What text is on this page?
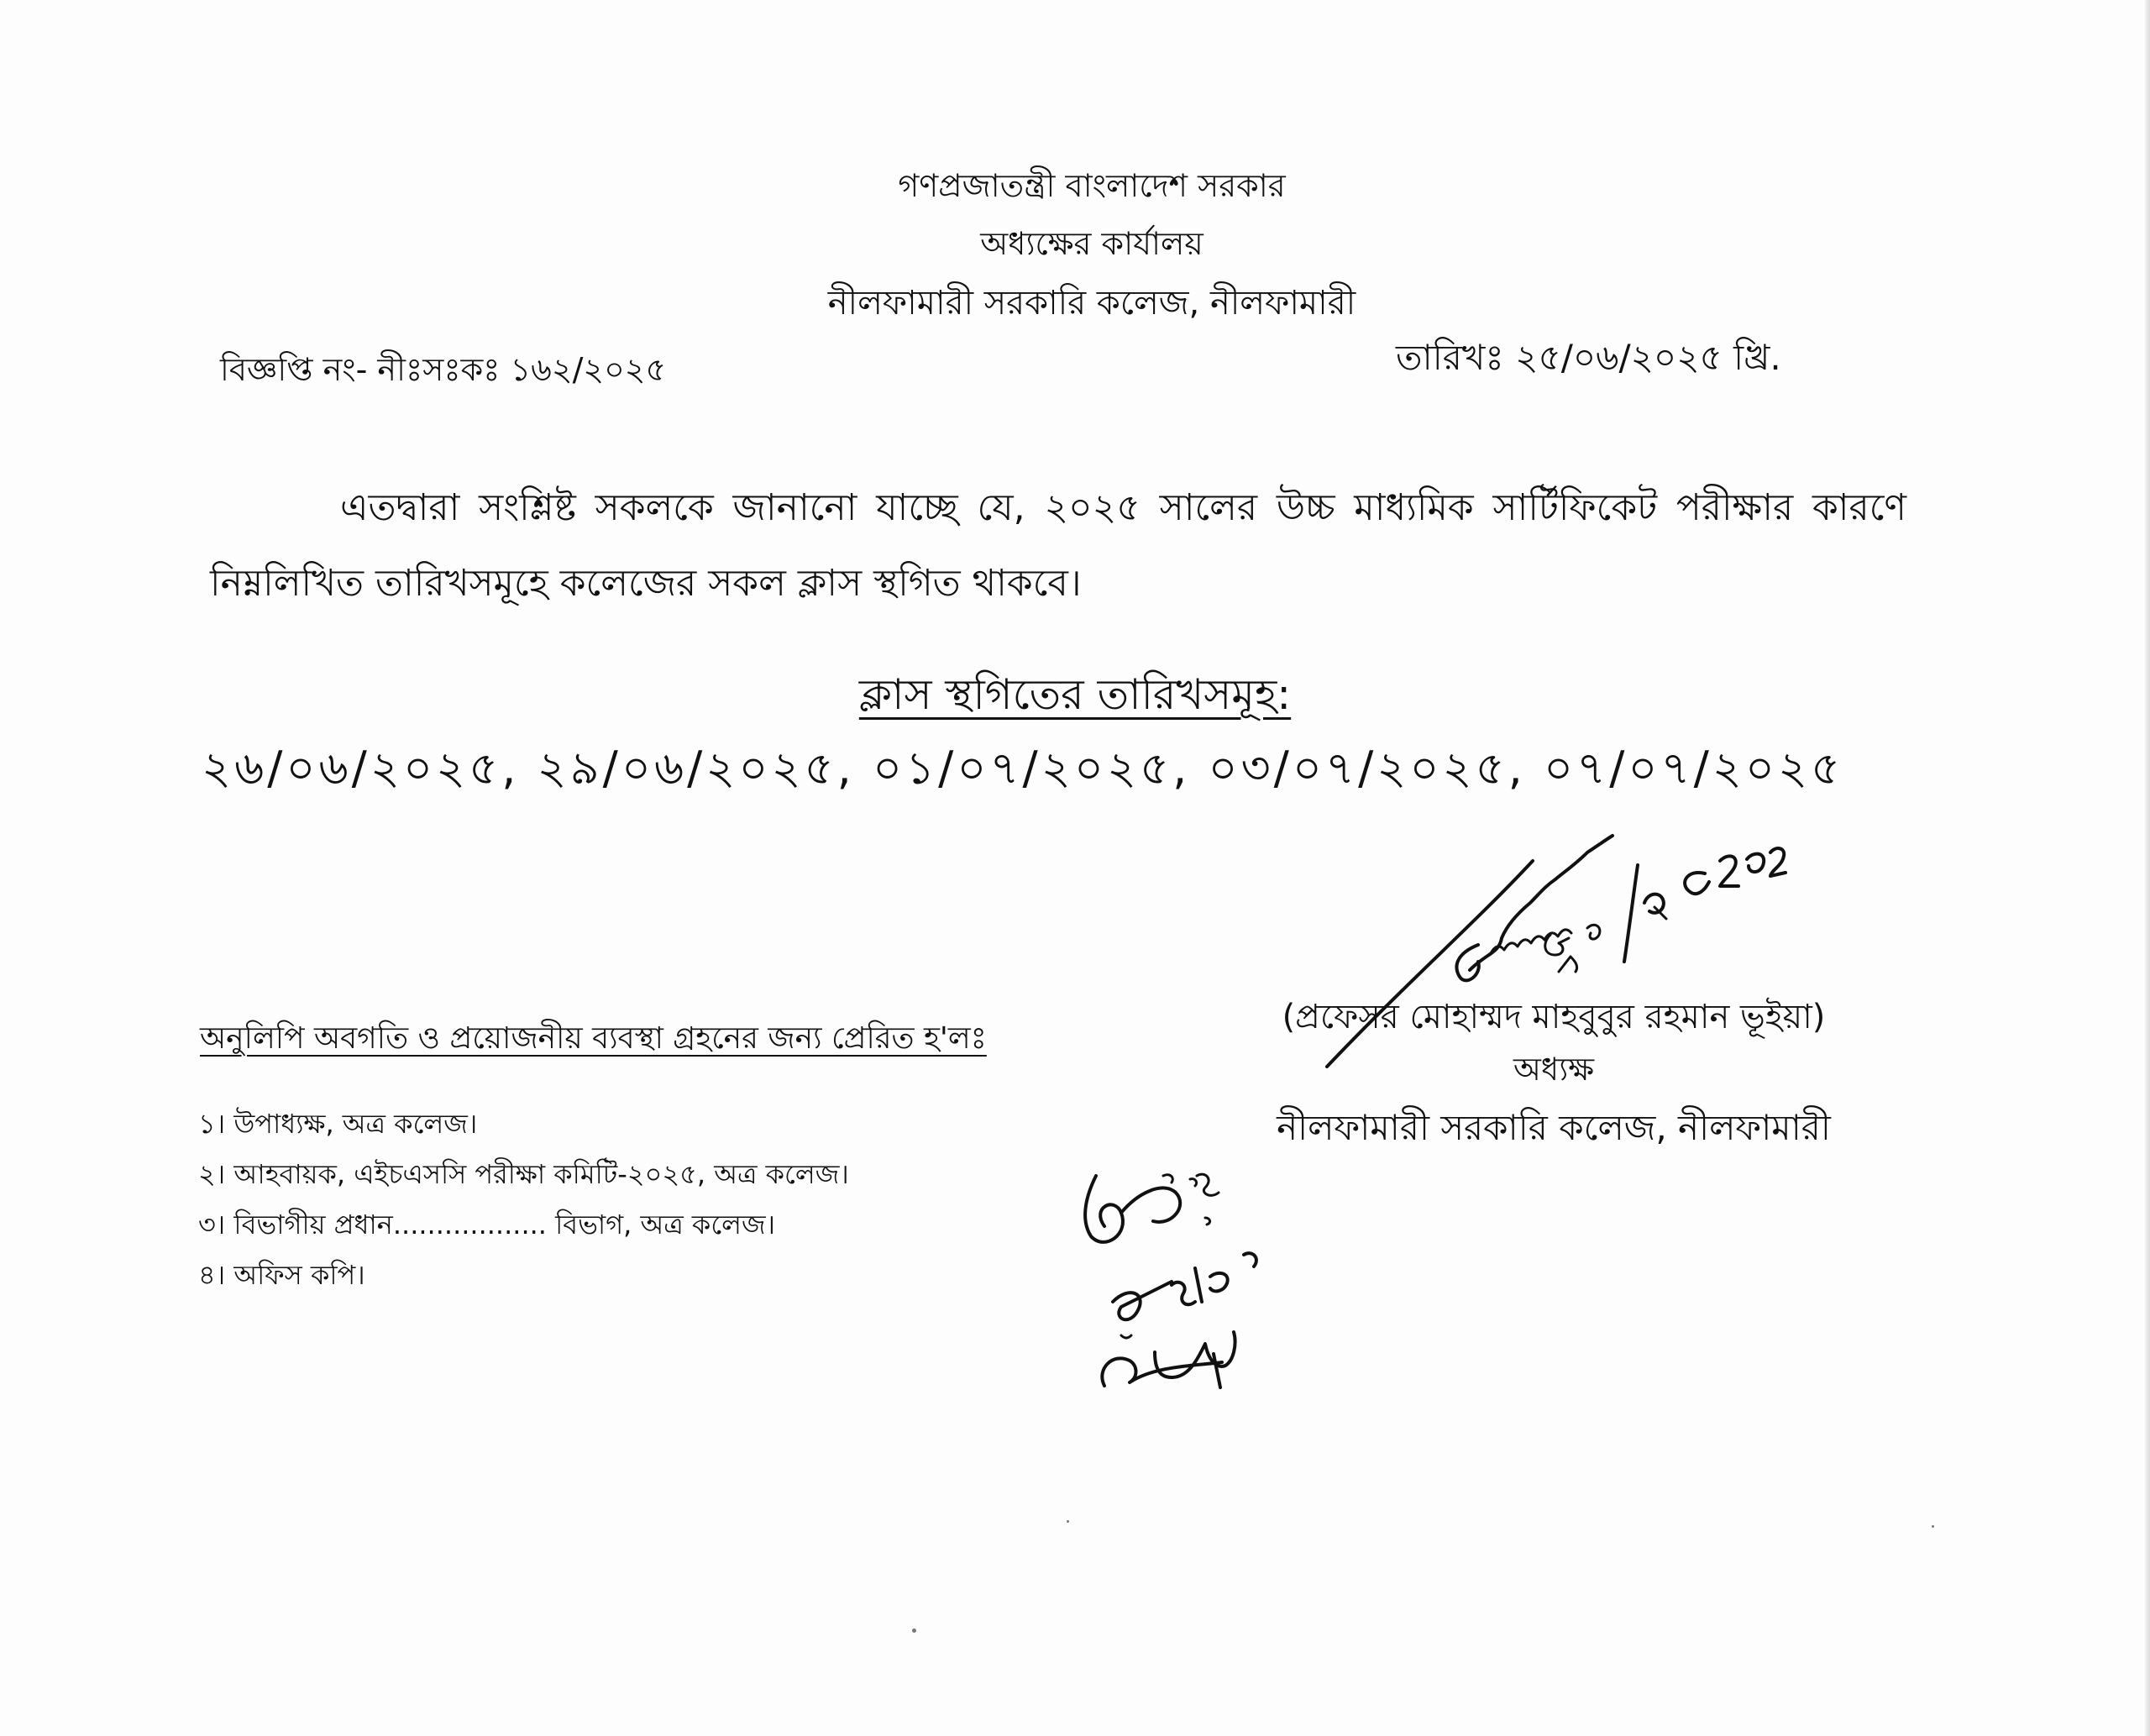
গণপ্রজাতন্ত্রী বাংলাদেশ সরকার
অধ্যক্ষের কার্যালয়
নীলফামারী সরকারি কলেজ, নীলফামারী
বিজ্ঞপ্তি নং- নীঃসঃকঃ ১৬২/২০২৫	তারিখঃ ২৫/০৬/২০২৫ খ্রি.
এতদ্বারা সংশ্লিষ্ট সকলকে জানানো যাচ্ছে যে, ২০২৫ সালের উচ্চ মাধ্যমিক সার্টিফিকেট পরীক্ষার কারণে নিম্নলিখিত তারিখসমূহে কলেজের সকল ক্লাস স্থগিত থাকবে।
ক্লাস স্থগিতের তারিখসমূহ:
২৬/০৬/২০২৫, ২৯/০৬/২০২৫, ০১/০৭/২০২৫, ০৩/০৭/২০২৫, ০৭/০৭/২০২৫
(প্রফেসর মোহাম্মদ মাহবুবুর রহমান ভূইয়া)
অধ্যক্ষ
নীলফামারী সরকারি কলেজ, নীলফামারী
অনুলিপি অবগতি ও প্রয়োজনীয় ব্যবস্থা গ্রহনের জন্য প্রেরিত হ'লঃ
১। উপাধ্যক্ষ, অত্র কলেজ।
২। আহবায়ক, এইচএসসি পরীক্ষা কমিটি-২০২৫, অত্র কলেজ।
৩। বিভাগীয় প্রধান.................. বিভাগ, অত্র কলেজ।
৪। অফিস কপি।
